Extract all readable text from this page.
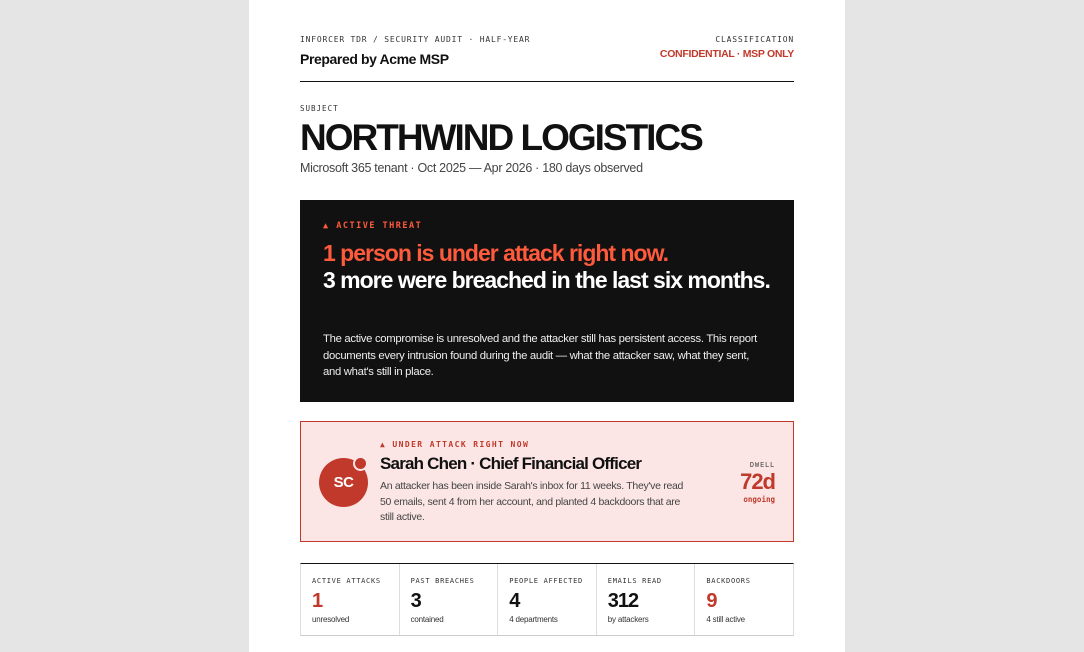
INFORCER TDR / SECURITY AUDIT · HALF-YEAR
Prepared by Acme MSP
CLASSIFICATION
CONFIDENTIAL · MSP ONLY
SUBJECT
NORTHWIND LOGISTICS
Microsoft 365 tenant · Oct 2025 — Apr 2026 · 180 days observed
▲ ACTIVE THREAT
1 person is under attack right now.
3 more were breached in the last six months.
The active compromise is unresolved and the attacker still has persistent access. This report documents every intrusion found during the audit — what the attacker saw, what they sent, and what's still in place.
SC
▲ UNDER ATTACK RIGHT NOW
Sarah Chen · Chief Financial Officer
An attacker has been inside Sarah's inbox for 11 weeks. They've read 50 emails, sent 4 from her account, and planted 4 backdoors that are still active.
DWELL
72d
ongoing
ACTIVE ATTACKS
1
unresolved
PAST BREACHES
3
contained
PEOPLE AFFECTED
4
4 departments
EMAILS READ
312
by attackers
BACKDOORS
9
4 still active
